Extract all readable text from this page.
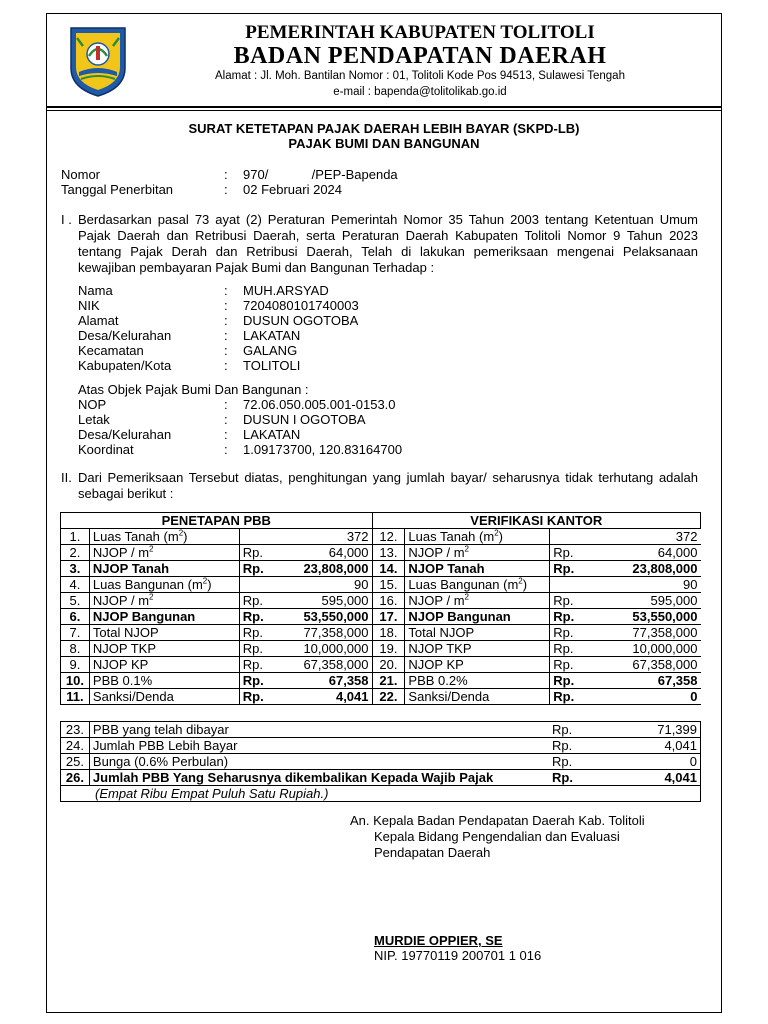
PEMERINTAH KABUPATEN TOLITOLI
BADAN PENDAPATAN DAERAH
Alamat : Jl. Moh. Bantilan Nomor : 01, Tolitoli Kode Pos 94513, Sulawesi Tengah
e-mail : bapenda@tolitolikab.go.id
SURAT KETETAPAN PAJAK DAERAH LEBIH BAYAR (SKPD-LB)
PAJAK BUMI DAN BANGUNAN
Nomor	: 970/            /PEP-Bapenda
Tanggal Penerbitan	: 02 Februari 2024
I . Berdasarkan pasal 73 ayat (2) Peraturan Pemerintah Nomor 35 Tahun 2003 tentang Ketentuan Umum Pajak Daerah dan Retribusi Daerah, serta Peraturan Daerah Kabupaten Tolitoli Nomor 9 Tahun 2023 tentang Pajak Derah dan Retribusi Daerah, Telah di lakukan pemeriksaan mengenai Pelaksanaan kewajiban pembayaran Pajak Bumi dan Bangunan Terhadap :
Nama	: MUH.ARSYAD
NIK	: 7204080101740003
Alamat	: DUSUN OGOTOBA
Desa/Kelurahan	: LAKATAN
Kecamatan	: GALANG
Kabupaten/Kota	: TOLITOLI
Atas Objek Pajak Bumi Dan Bangunan :
NOP	: 72.06.050.005.001-0153.0
Letak	: DUSUN I OGOTOBA
Desa/Kelurahan	: LAKATAN
Koordinat	: 1.09173700, 120.83164700
II. Dari Pemeriksaan Tersebut diatas, penghitungan yang jumlah bayar/ seharusnya tidak terhutang adalah sebagai berikut :
PENETAPAN PBB				VERIFIKASI KANTOR			
1.	Luas Tanah $(m^2)$		372	12.	Luas Tanah $(m^2)$		372
2.	NJOP / $m^2$	Rp.	64,000	13.	NJOP / $m^2$	Rp.	64,000
3.	NJOP Tanah	Rp.	23,808,000	14.	NJOP Tanah	Rp.	23,808,000
4.	Luas Bangunan $(m^2)$		90	15.	Luas Bangunan $(m^2)$		90
5.	NJOP / $m^2$	Rp.	595,000	16.	NJOP / $m^2$	Rp.	595,000
6.	NJOP Bangunan	Rp.	53,550,000	17.	NJOP Bangunan	Rp.	53,550,000
7.	Total NJOP	Rp.	77,358,000	18.	Total NJOP	Rp.	77,358,000
8.	NJOP TKP	Rp.	10,000,000	19.	NJOP TKP	Rp.	10,000,000
9.	NJOP KP	Rp.	67,358,000	20.	NJOP KP	Rp.	67,358,000
10.	PBB 0.1%	Rp.	67,358	21.	PBB 0.2%	Rp.	67,358
11.	Sanksi/Denda	Rp.	4,041	22.	Sanksi/Denda	Rp.	0
23.	PBB yang telah dibayar	Rp.	71,399
24.	Jumlah PBB Lebih Bayar	Rp.	4,041
25.	Bunga (0.6% Perbulan)	Rp.	0
26.	Jumlah PBB Yang Seharusnya dikembalikan Kepada Wajib Pajak	Rp.	4,041
(Empat Ribu Empat Puluh Satu Rupiah.)			
An. Kepala Badan Pendapatan Daerah Kab. Tolitoli
Kepala Bidang Pengendalian dan Evaluasi
Pendapatan Daerah
MURDIE OPPIER, SE
NIP. 19770119 200701 1 016
